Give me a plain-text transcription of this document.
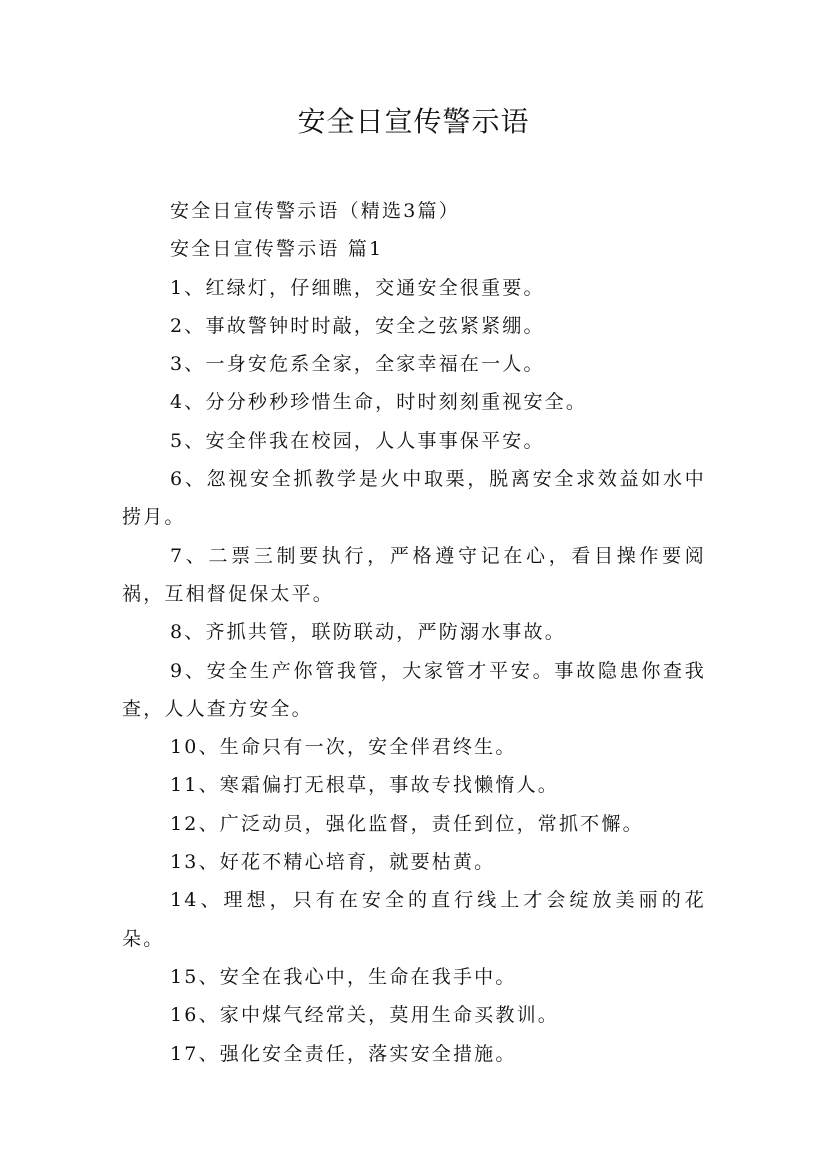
安全日宣传警示语

安全日宣传警示语（精选3篇）

安全日宣传警示语 篇1

1、红绿灯，仔细瞧，交通安全很重要。

2、事故警钟时时敲，安全之弦紧紧绷。

3、一身安危系全家，全家幸福在一人。

4、分分秒秒珍惜生命，时时刻刻重视安全。

5、安全伴我在校园，人人事事保平安。

6、忽视安全抓教学是火中取栗，脱离安全求效益如水中捞月。

7、二票三制要执行，严格遵守记在心，看目操作要阅祸，互相督促保太平。

8、齐抓共管，联防联动，严防溺水事故。

9、安全生产你管我管，大家管才平安。事故隐患你查我查，人人查方安全。

10、生命只有一次，安全伴君终生。

11、寒霜偏打无根草，事故专找懒惰人。

12、广泛动员，强化监督，责任到位，常抓不懈。

13、好花不精心培育，就要枯黄。

14、理想，只有在安全的直行线上才会绽放美丽的花朵。

15、安全在我心中，生命在我手中。

16、家中煤气经常关，莫用生命买教训。

17、强化安全责任，落实安全措施。
